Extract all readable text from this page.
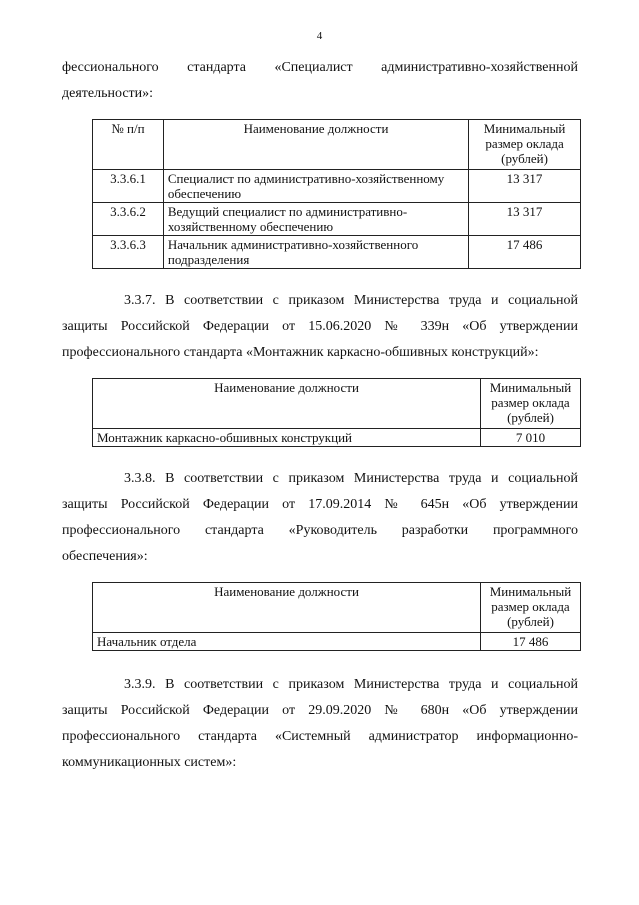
4

фессионального стандарта «Специалист административно-хозяйственной деятельности»:

№ п/п	Наименование должности	Минимальный размер оклада (рублей)
3.3.6.1	Специалист по административно-хозяйственному обеспечению	13 317
3.3.6.2	Ведущий специалист по административно-хозяйственному обеспечению	13 317
3.3.6.3	Начальник административно-хозяйственного подразделения	17 486

3.3.7. В соответствии с приказом Министерства труда и социальной защиты Российской Федерации от 15.06.2020 № 339н «Об утверждении профессионального стандарта «Монтажник каркасно-обшивных конструкций»:

Наименование должности	Минимальный размер оклада (рублей)
Монтажник каркасно-обшивных конструкций	7 010

3.3.8. В соответствии с приказом Министерства труда и социальной защиты Российской Федерации от 17.09.2014 № 645н «Об утверждении профессионального стандарта «Руководитель разработки программного обеспечения»:

Наименование должности	Минимальный размер оклада (рублей)
Начальник отдела	17 486

3.3.9. В соответствии с приказом Министерства труда и социальной защиты Российской Федерации от 29.09.2020 № 680н «Об утверждении профессионального стандарта «Системный администратор информационно-коммуникационных систем»:
